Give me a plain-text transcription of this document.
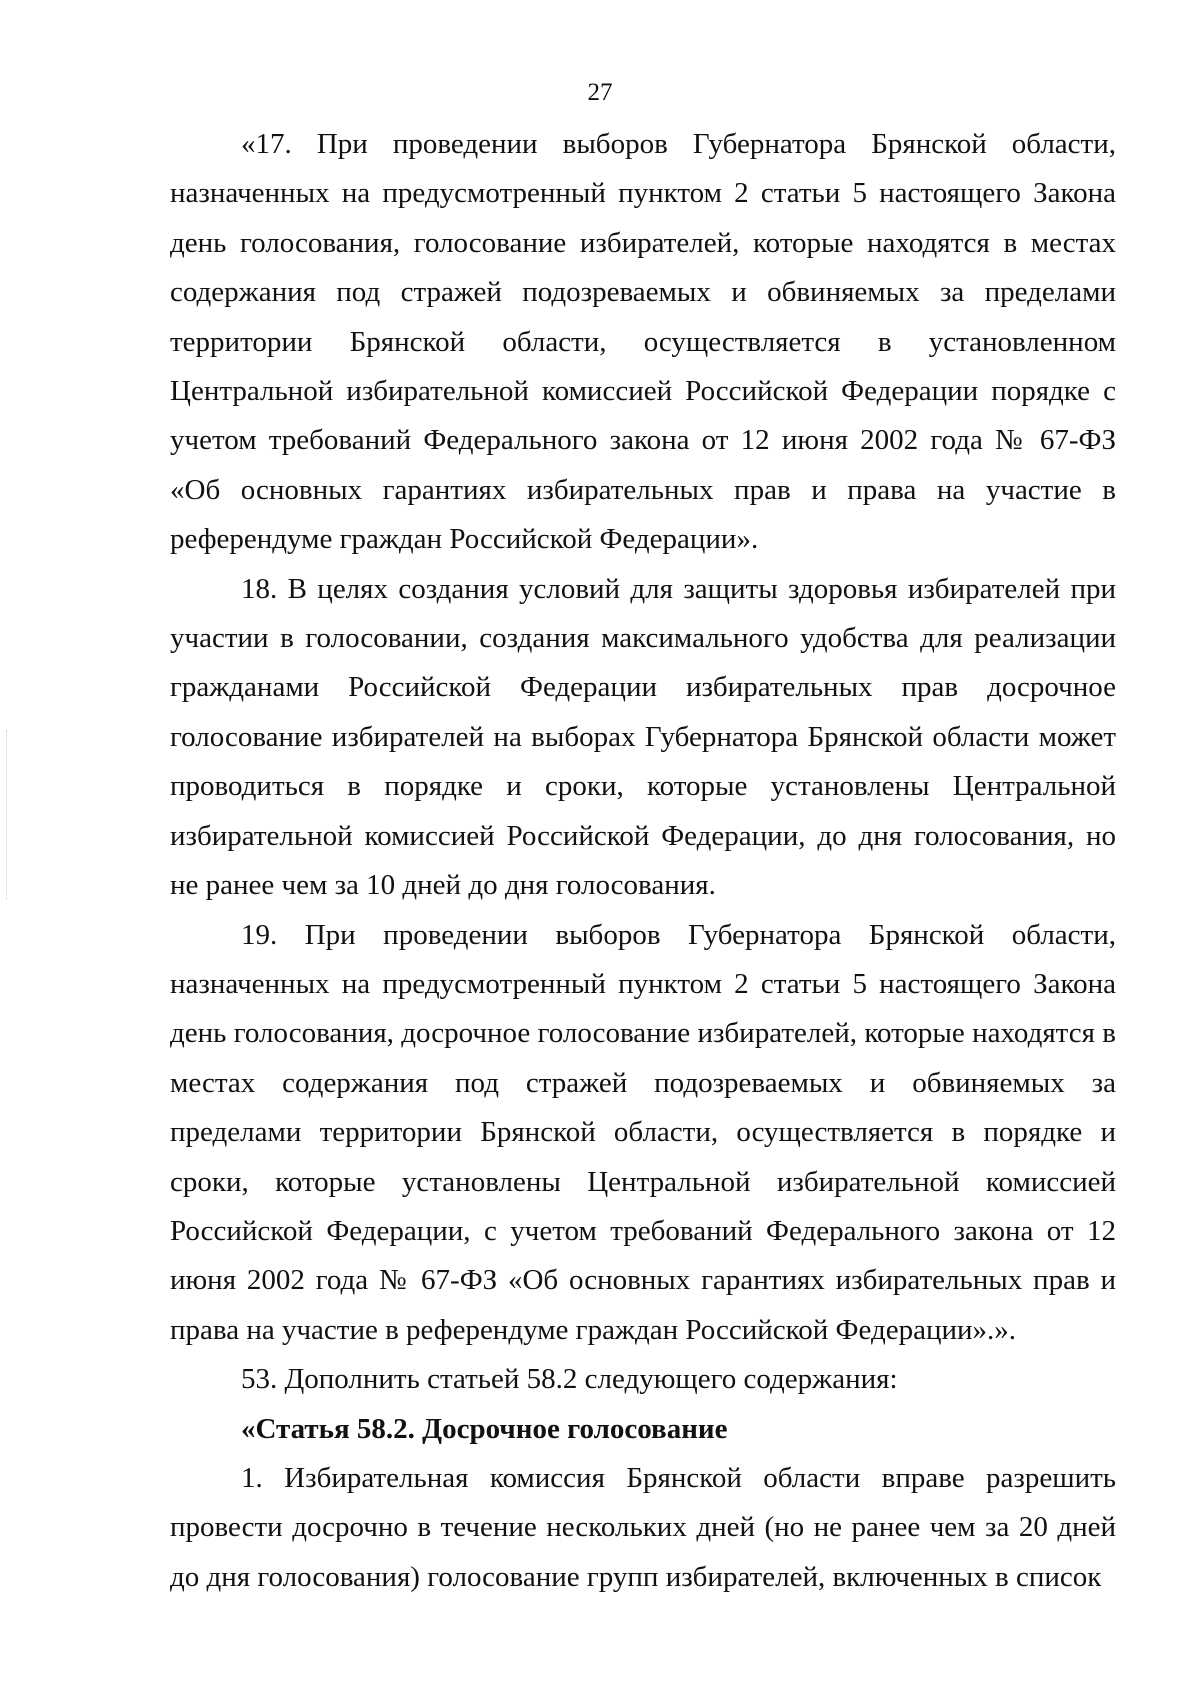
27

«17. При проведении выборов Губернатора Брянской области, назначенных на предусмотренный пунктом 2 статьи 5 настоящего Закона день голосования, голосование избирателей, которые находятся в местах содержания под стражей подозреваемых и обвиняемых за пределами территории Брянской области, осуществляется в установленном Центральной избирательной комиссией Российской Федерации порядке с учетом требований Федерального закона от 12 июня 2002 года № 67-ФЗ «Об основных гарантиях избирательных прав и права на участие в референдуме граждан Российской Федерации».

18. В целях создания условий для защиты здоровья избирателей при участии в голосовании, создания максимального удобства для реализации гражданами Российской Федерации избирательных прав досрочное голосование избирателей на выборах Губернатора Брянской области может проводиться в порядке и сроки, которые установлены Центральной избирательной комиссией Российской Федерации, до дня голосования, но не ранее чем за 10 дней до дня голосования.

19. При проведении выборов Губернатора Брянской области, назначенных на предусмотренный пунктом 2 статьи 5 настоящего Закона день голосования, досрочное голосование избирателей, которые находятся в местах содержания под стражей подозреваемых и обвиняемых за пределами территории Брянской области, осуществляется в порядке и сроки, которые установлены Центральной избирательной комиссией Российской Федерации, с учетом требований Федерального закона от 12 июня 2002 года № 67-ФЗ «Об основных гарантиях избирательных прав и права на участие в референдуме граждан Российской Федерации».».

53. Дополнить статьей 58.2 следующего содержания:

«Статья 58.2. Досрочное голосование

1. Избирательная комиссия Брянской области вправе разрешить провести досрочно в течение нескольких дней (но не ранее чем за 20 дней до дня голосования) голосование групп избирателей, включенных в список
